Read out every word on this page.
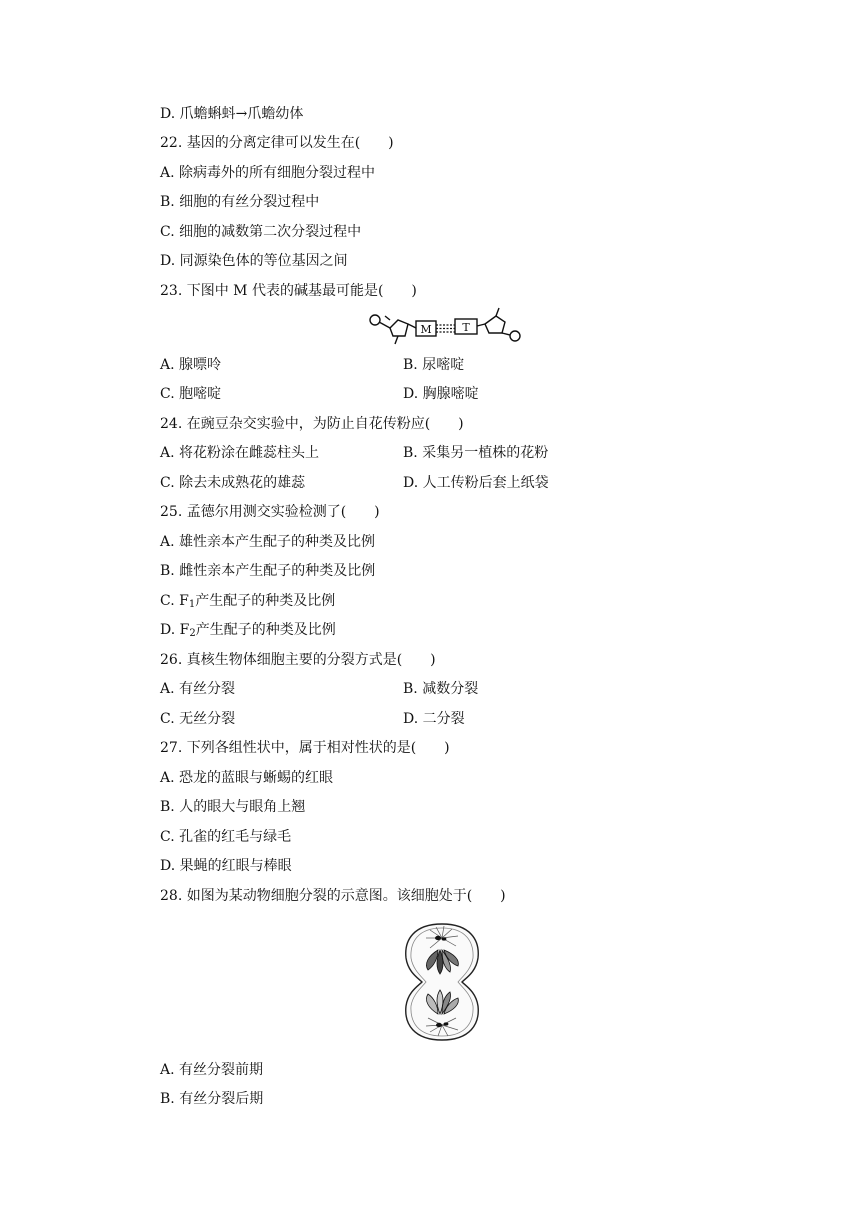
D. 爪蟾蝌蚪→爪蟾幼体
22. 基因的分离定律可以发生在(　　)
A. 除病毒外的所有细胞分裂过程中
B. 细胞的有丝分裂过程中
C. 细胞的减数第二次分裂过程中
D. 同源染色体的等位基因之间
23. 下图中 M 代表的碱基最可能是(　　)
M	T
A. 腺嘌呤	B. 尿嘧啶
C. 胞嘧啶	D. 胸腺嘧啶
24. 在豌豆杂交实验中，为防止自花传粉应(　　)
A. 将花粉涂在雌蕊柱头上	B. 采集另一植株的花粉
C. 除去未成熟花的雄蕊	D. 人工传粉后套上纸袋
25. 孟德尔用测交实验检测了(　　)
A. 雄性亲本产生配子的种类及比例
B. 雌性亲本产生配子的种类及比例
C. $F_1$产生配子的种类及比例
D. $F_2$产生配子的种类及比例
26. 真核生物体细胞主要的分裂方式是(　　)
A. 有丝分裂	B. 减数分裂
C. 无丝分裂	D. 二分裂
27. 下列各组性状中，属于相对性状的是(　　)
A. 恐龙的蓝眼与蜥蜴的红眼
B. 人的眼大与眼角上翘
C. 孔雀的红毛与绿毛
D. 果蝇的红眼与棒眼
28. 如图为某动物细胞分裂的示意图。该细胞处于(　　)
A. 有丝分裂前期
B. 有丝分裂后期
